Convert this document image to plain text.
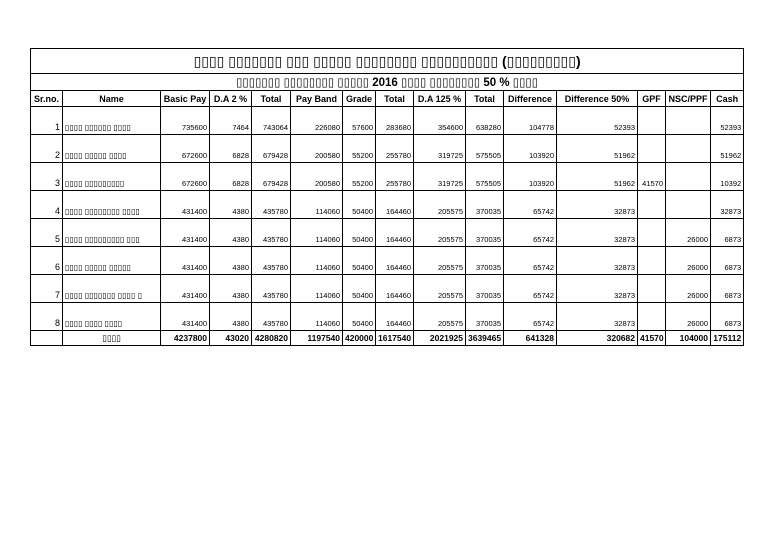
▯▯▯▯ ▯▯▯▯▯▯▯ ▯▯▯ ▯▯▯▯▯ ▯▯▯▯▯▯▯▯ ▯▯▯▯▯▯▯▯▯▯ (▯▯▯▯▯▯▯▯▯)														
▯▯▯▯▯▯▯ ▯▯▯▯▯▯▯▯ ▯▯▯▯▯ 2016 ▯▯▯▯ ▯▯▯▯▯▯▯▯ 50 % ▯▯▯▯														
Sr.no.	Name	Basic Pay	D.A 2 %	Total	Pay Band	Grade	Total	D.A 125 %	Total	Difference	Difference 50%	GPF	NSC/PPF	Cash
1	▯▯▯▯ ▯▯▯▯▯▯ ▯▯▯▯	735600	7464	743064	226080	57600	283680	354600	638280	104778	52393			52393
2	▯▯▯▯ ▯▯▯▯▯ ▯▯▯▯	672600	6828	679428	200580	55200	255780	319725	575505	103920	51962			51962
3	▯▯▯▯ ▯▯▯▯▯▯▯▯▯	672600	6828	679428	200580	55200	255780	319725	575505	103920	51962	41570		10392
4	▯▯▯▯ ▯▯▯▯▯▯▯▯ ▯▯▯▯	431400	4380	435780	114060	50400	164460	205575	370035	65742	32873			32873
5	▯▯▯▯ ▯▯▯▯▯▯▯▯▯ ▯▯▯	431400	4380	435780	114060	50400	164460	205575	370035	65742	32873		26000	6873
6	▯▯▯▯ ▯▯▯▯▯ ▯▯▯▯▯	431400	4380	435780	114060	50400	164460	205575	370035	65742	32873		26000	6873
7	▯▯▯▯ ▯▯▯▯▯▯▯ ▯▯▯▯ ▯	431400	4380	435780	114060	50400	164460	205575	370035	65742	32873		26000	6873
8	▯▯▯▯ ▯▯▯▯ ▯▯▯▯	431400	4380	435780	114060	50400	164460	205575	370035	65742	32873		26000	6873
	▯▯▯▯	4237800	43020	4280820	1197540	420000	1617540	2021925	3639465	641328	320682	41570	104000	175112
